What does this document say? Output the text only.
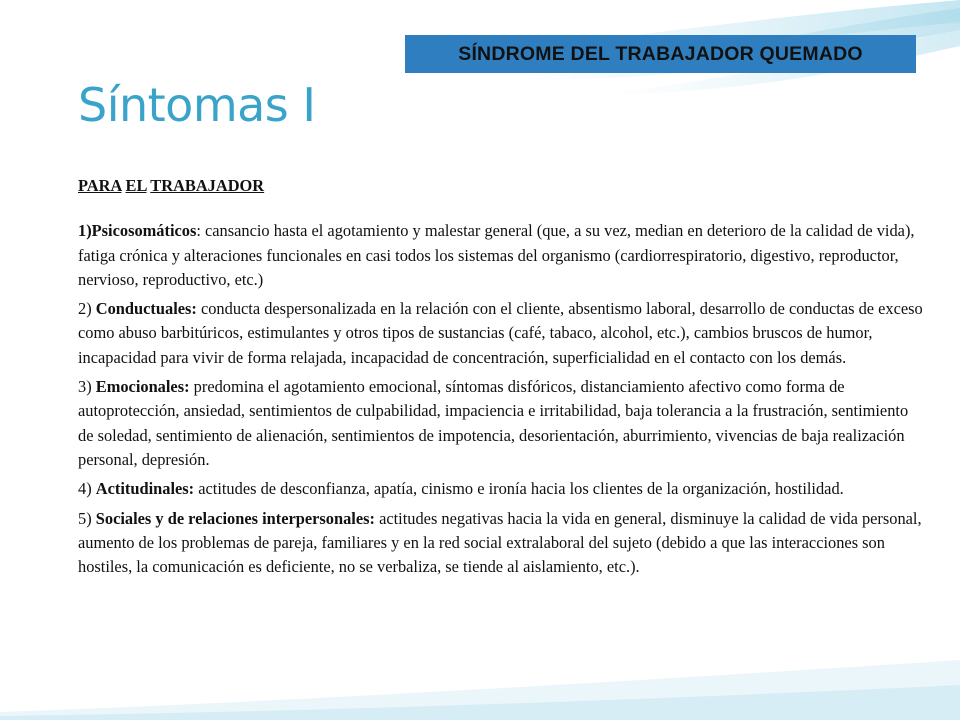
SÍNDROME DEL TRABAJADOR QUEMADO
Síntomas I

PARA EL TRABAJADOR

1)Psicosomáticos: cansancio hasta el agotamiento y malestar general (que, a su vez, median en deterioro de la calidad de vida), fatiga crónica y alteraciones funcionales en casi todos los sistemas del organismo (cardiorrespiratorio, digestivo, reproductor, nervioso, reproductivo, etc.)

2) Conductuales: conducta despersonalizada en la relación con el cliente, absentismo laboral, desarrollo de conductas de exceso como abuso barbitúricos, estimulantes y otros tipos de sustancias (café, tabaco, alcohol, etc.), cambios bruscos de humor, incapacidad para vivir de forma relajada, incapacidad de concentración, superficialidad en el contacto con los demás.

3) Emocionales: predomina el agotamiento emocional, síntomas disfóricos, distanciamiento afectivo como forma de autoprotección, ansiedad, sentimientos de culpabilidad, impaciencia e irritabilidad, baja tolerancia a la frustración, sentimiento de soledad, sentimiento de alienación, sentimientos de impotencia, desorientación, aburrimiento, vivencias de baja realización personal, depresión.

4) Actitudinales: actitudes de desconfianza, apatía, cinismo e ironía hacia los clientes de la organización, hostilidad.

5) Sociales y de relaciones interpersonales: actitudes negativas hacia la vida en general, disminuye la calidad de vida personal, aumento de los problemas de pareja, familiares y en la red social extralaboral del sujeto (debido a que las interacciones son hostiles, la comunicación es deficiente, no se verbaliza, se tiende al aislamiento, etc.).
